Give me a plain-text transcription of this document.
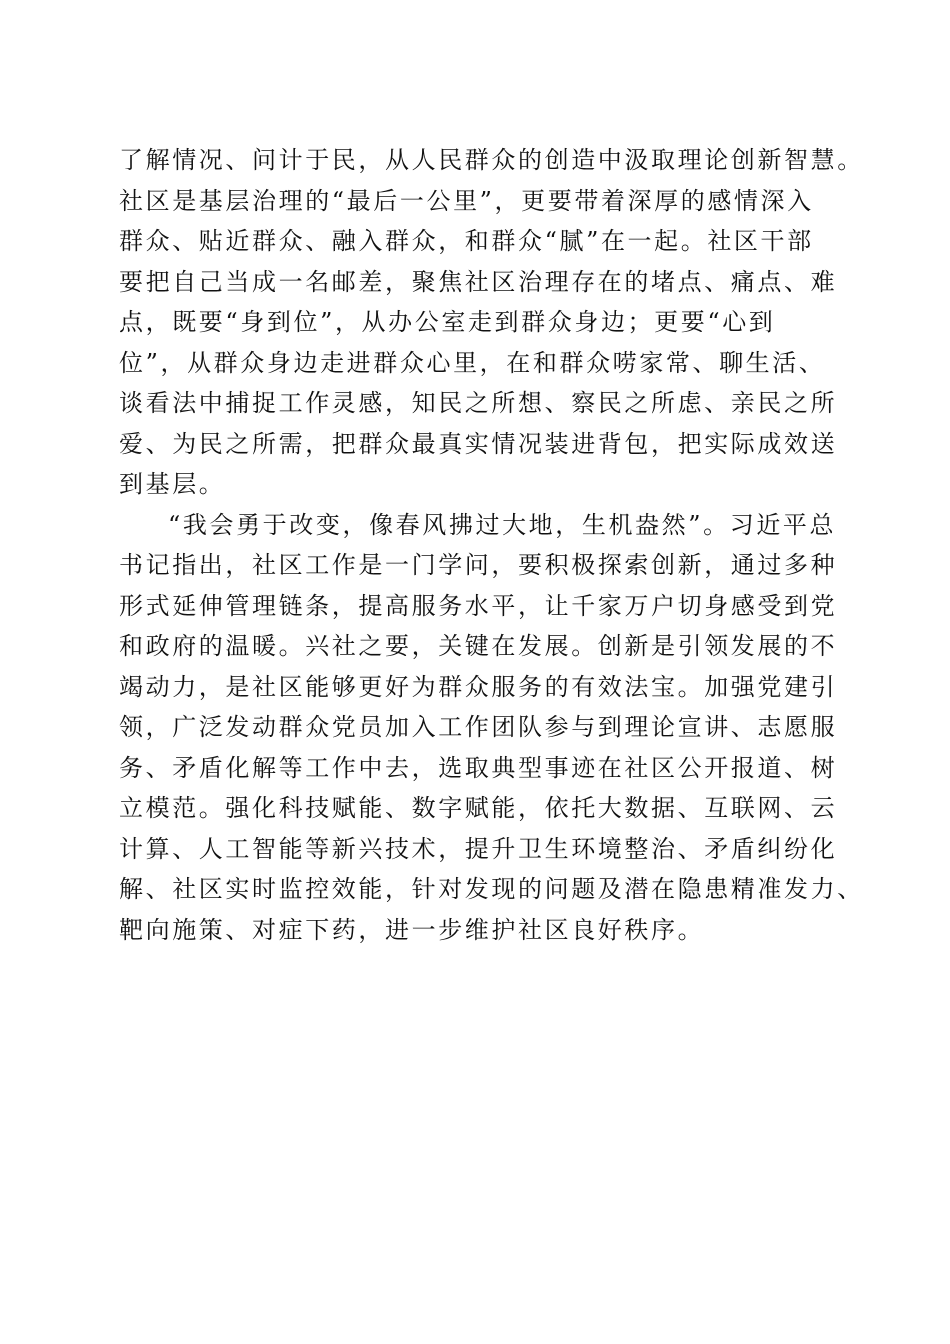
了解情况、问计于民，从人民群众的创造中汲取理论创新智慧。
社区是基层治理的“最后一公里”，更要带着深厚的感情深入
群众、贴近群众、融入群众，和群众“腻”在一起。社区干部
要把自己当成一名邮差，聚焦社区治理存在的堵点、痛点、难
点，既要“身到位”，从办公室走到群众身边；更要“心到
位”，从群众身边走进群众心里，在和群众唠家常、聊生活、
谈看法中捕捉工作灵感，知民之所想、察民之所虑、亲民之所
爱、为民之所需，把群众最真实情况装进背包，把实际成效送
到基层。
“我会勇于改变，像春风拂过大地，生机盎然”。习近平总
书记指出，社区工作是一门学问，要积极探索创新，通过多种
形式延伸管理链条，提高服务水平，让千家万户切身感受到党
和政府的温暖。兴社之要，关键在发展。创新是引领发展的不
竭动力，是社区能够更好为群众服务的有效法宝。加强党建引
领，广泛发动群众党员加入工作团队参与到理论宣讲、志愿服
务、矛盾化解等工作中去，选取典型事迹在社区公开报道、树
立模范。强化科技赋能、数字赋能，依托大数据、互联网、云
计算、人工智能等新兴技术，提升卫生环境整治、矛盾纠纷化
解、社区实时监控效能，针对发现的问题及潜在隐患精准发力、
靶向施策、对症下药，进一步维护社区良好秩序。
